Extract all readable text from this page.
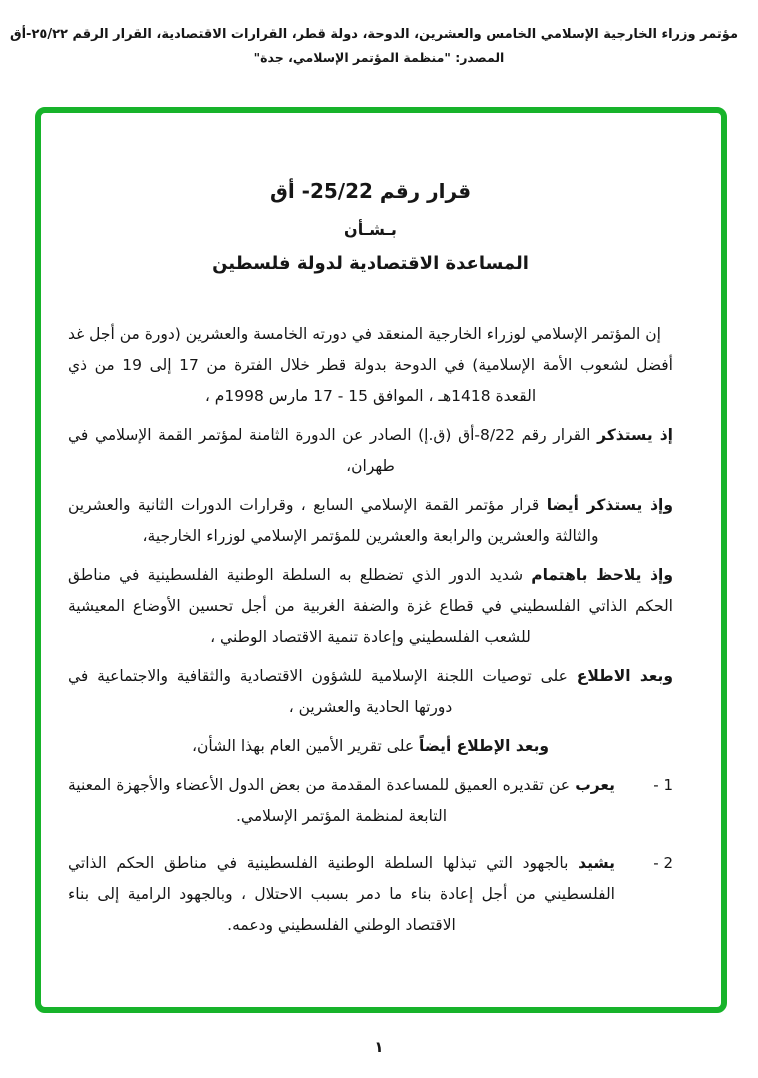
مؤتمر وزراء الخارجية الإسلامي الخامس والعشرين، الدوحة، دولة قطر، القرارات الاقتصادية، القرار الرقم ٢٥/٢٢-أق
المصدر: "منظمة المؤتمر الإسلامي، جدة"
قرار رقم 25/22- أق
بـشـأن
المساعدة الاقتصادية لدولة فلسطين

إن المؤتمر الإسلامي لوزراء الخارجية المنعقد في دورته الخامسة والعشرين (دورة من أجل غد أفضل لشعوب الأمة الإسلامية) في الدوحة بدولة قطر خلال الفترة من 17 إلى 19 من ذي القعدة 1418هـ ، الموافق 15 - 17 مارس 1998م ،

إذ يستذكر القرار رقم 8/22-أق (ق.إ) الصادر عن الدورة الثامنة لمؤتمر القمة الإسلامي في طهران،

وإذ يستذكر أيضا قرار مؤتمر القمة الإسلامي السابع ، وقرارات الدورات الثانية والعشرين والثالثة والعشرين والرابعة والعشرين للمؤتمر الإسلامي لوزراء الخارجية،

وإذ يلاحظ باهتمام شديد الدور الذي تضطلع به السلطة الوطنية الفلسطينية في مناطق الحكم الذاتي الفلسطيني في قطاع غزة والضفة الغربية من أجل تحسين الأوضاع المعيشية للشعب الفلسطيني وإعادة تنمية الاقتصاد الوطني ،

وبعد الاطلاع على توصيات اللجنة الإسلامية للشؤون الاقتصادية والثقافية والاجتماعية في دورتها الحادية والعشرين ،

وبعد الإطلاع أيضاً على تقرير الأمين العام بهذا الشأن،

1 -
يعرب عن تقديره العميق للمساعدة المقدمة من بعض الدول الأعضاء والأجهزة المعنية التابعة لمنظمة المؤتمر الإسلامي.
2 -
يشيد بالجهود التي تبذلها السلطة الوطنية الفلسطينية في مناطق الحكم الذاتي الفلسطيني من أجل إعادة بناء ما دمر بسبب الاحتلال ، وبالجهود الرامية إلى بناء الاقتصاد الوطني الفلسطيني ودعمه.
١
